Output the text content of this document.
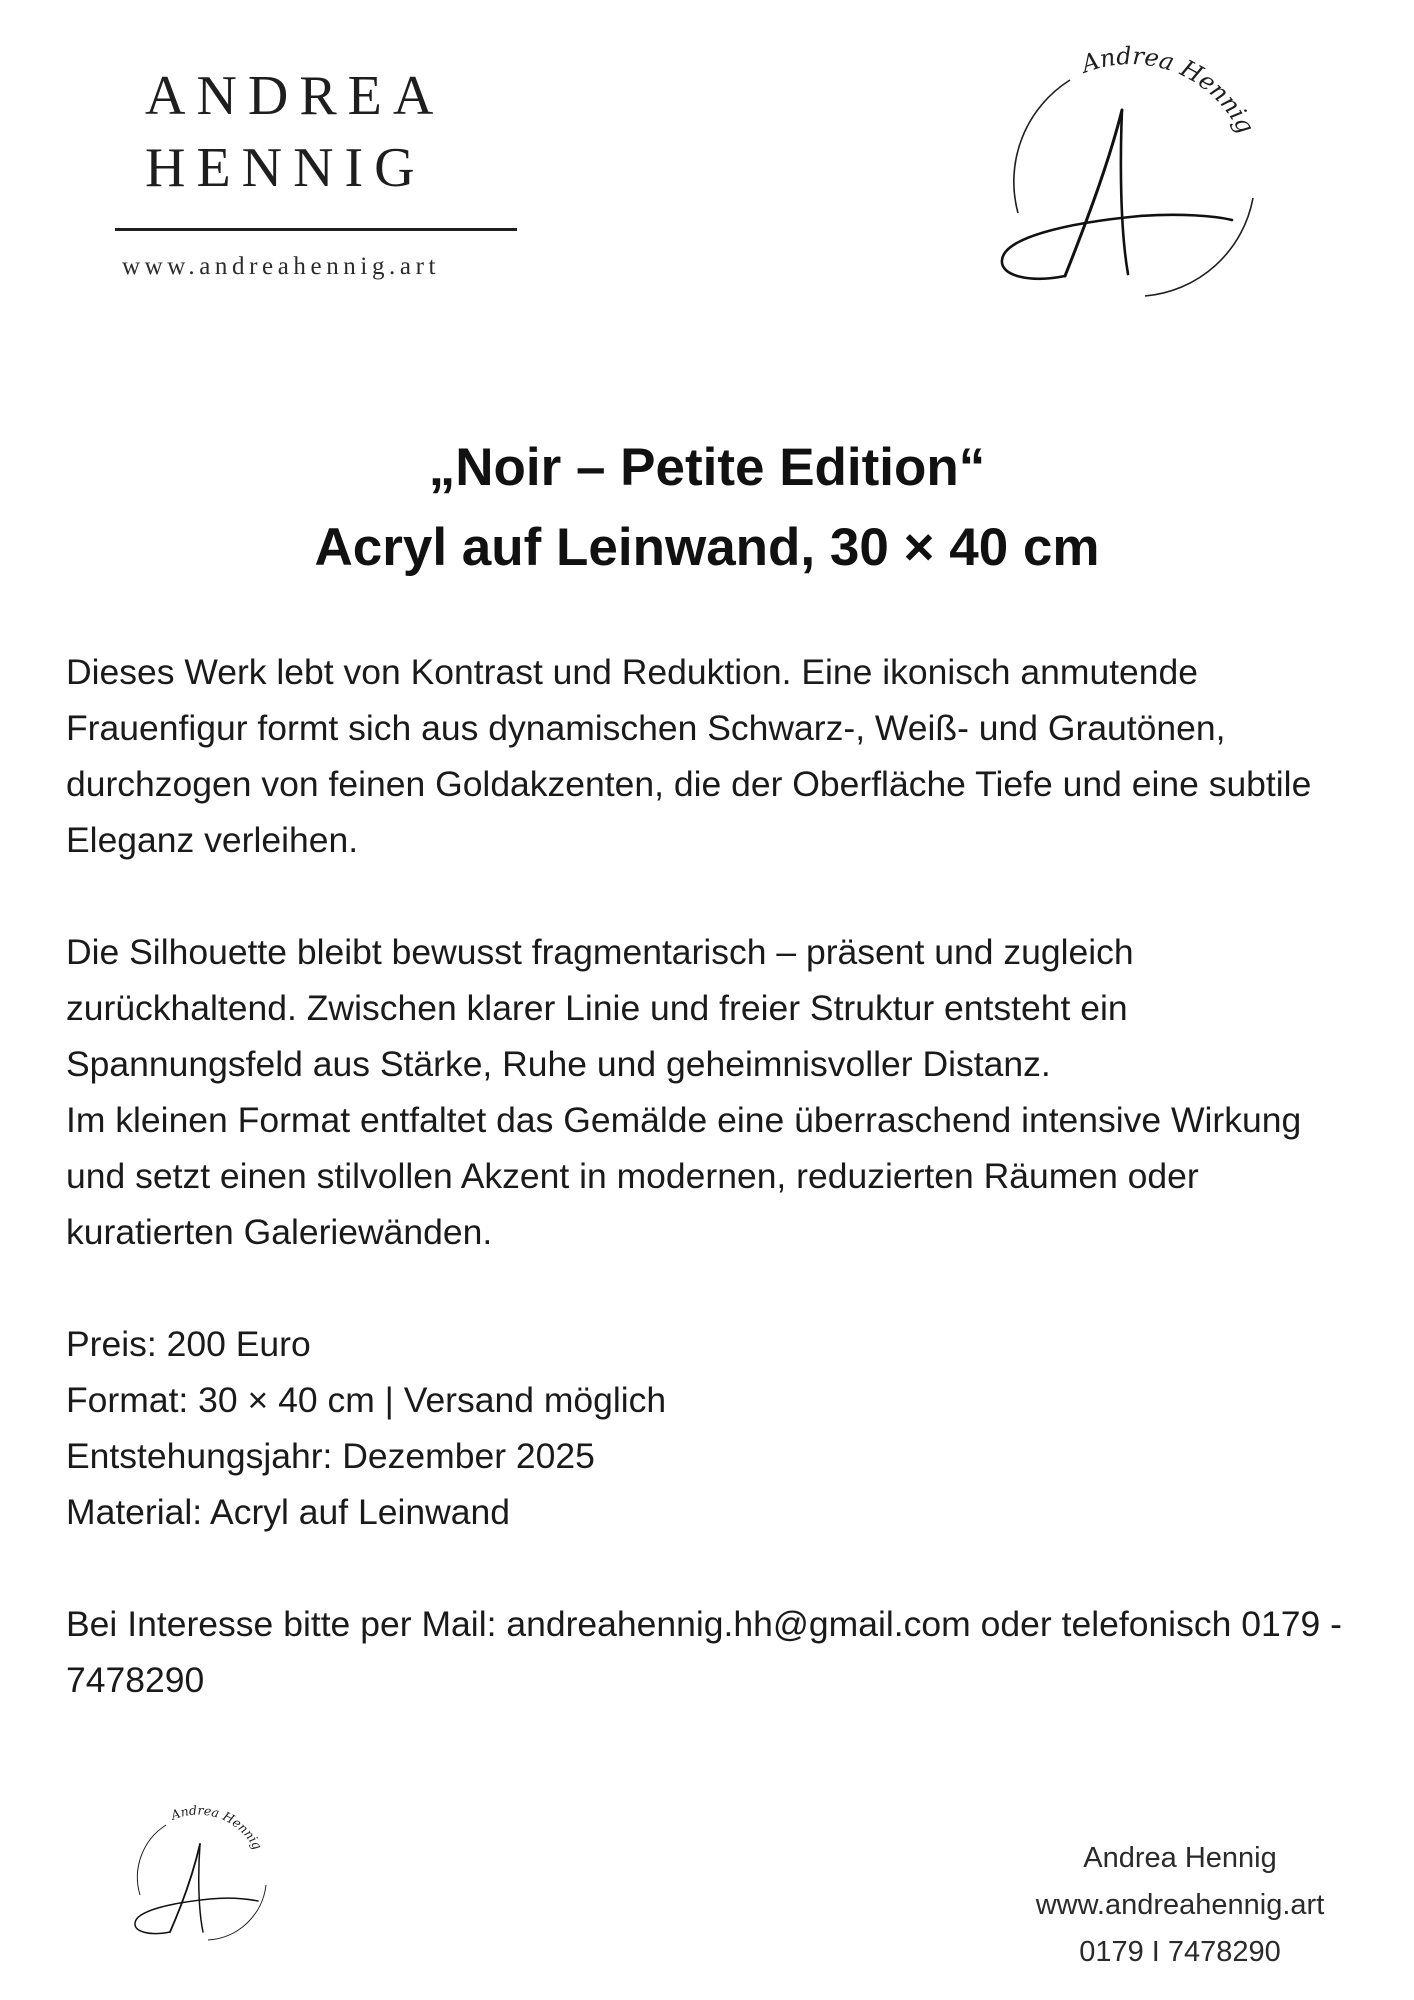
ANDREA
HENNIG
www.andreahennig.art
Andrea Hennig
„Noir – Petite Edition“
Acryl auf Leinwand, 30 × 40 cm

Dieses Werk lebt von Kontrast und Reduktion. Eine ikonisch anmutende Frauenfigur formt sich aus dynamischen Schwarz-, Weiß- und Grautönen, durchzogen von feinen Goldakzenten, die der Oberfläche Tiefe und eine subtile Eleganz verleihen.

Die Silhouette bleibt bewusst fragmentarisch – präsent und zugleich zurückhaltend. Zwischen klarer Linie und freier Struktur entsteht ein Spannungsfeld aus Stärke, Ruhe und geheimnisvoller Distanz.

Im kleinen Format entfaltet das Gemälde eine überraschend intensive Wirkung und setzt einen stilvollen Akzent in modernen, reduzierten Räumen oder kuratierten Galeriewänden.

Preis: 200 Euro

Format: 30 × 40 cm | Versand möglich

Entstehungsjahr: Dezember 2025

Material: Acryl auf Leinwand

Bei Interesse bitte per Mail: andreahennig.hh@gmail.com oder telefonisch 0179 - 7478290

Andrea Hennig	Andrea Hennig
www.andreahennig.art
0179 I 7478290
